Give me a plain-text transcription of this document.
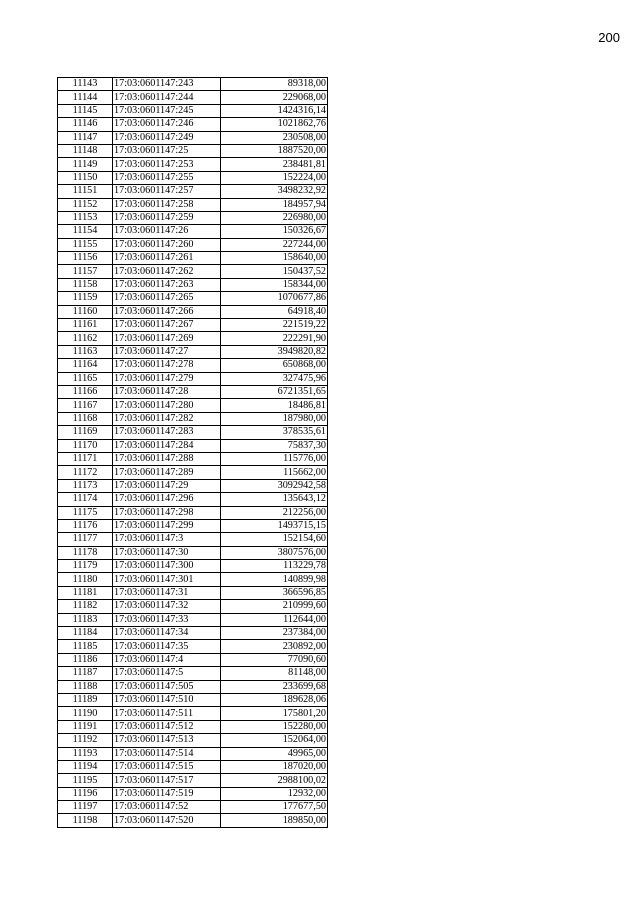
200
11143	17:03:0601147:243	89318,00
11144	17:03:0601147:244	229068,00
11145	17:03:0601147:245	1424316,14
11146	17:03:0601147:246	1021862,76
11147	17:03:0601147:249	230508,00
11148	17:03:0601147:25	1887520,00
11149	17:03:0601147:253	238481,81
11150	17:03:0601147:255	152224,00
11151	17:03:0601147:257	3498232,92
11152	17:03:0601147:258	184957,94
11153	17:03:0601147:259	226980,00
11154	17:03:0601147:26	150326,67
11155	17:03:0601147:260	227244,00
11156	17:03:0601147:261	158640,00
11157	17:03:0601147:262	150437,52
11158	17:03:0601147:263	158344,00
11159	17:03:0601147:265	1070677,86
11160	17:03:0601147:266	64918,40
11161	17:03:0601147:267	221519,22
11162	17:03:0601147:269	222291,90
11163	17:03:0601147:27	3949820,82
11164	17:03:0601147:278	650868,00
11165	17:03:0601147:279	327475,96
11166	17:03:0601147:28	6721351,65
11167	17:03:0601147:280	18486,81
11168	17:03:0601147:282	187980,00
11169	17:03:0601147:283	378535,61
11170	17:03:0601147:284	75837,30
11171	17:03:0601147:288	115776,00
11172	17:03:0601147:289	115662,00
11173	17:03:0601147:29	3092942,58
11174	17:03:0601147:296	135643,12
11175	17:03:0601147:298	212256,00
11176	17:03:0601147:299	1493715,15
11177	17:03:0601147:3	152154,60
11178	17:03:0601147:30	3807576,00
11179	17:03:0601147:300	113229,78
11180	17:03:0601147:301	140899,98
11181	17:03:0601147:31	366596,85
11182	17:03:0601147:32	210999,60
11183	17:03:0601147:33	112644,00
11184	17:03:0601147:34	237384,00
11185	17:03:0601147:35	230892,00
11186	17:03:0601147:4	77090,60
11187	17:03:0601147:5	81148,00
11188	17:03:0601147:505	233699,68
11189	17:03:0601147:510	189628,06
11190	17:03:0601147:511	175801,20
11191	17:03:0601147:512	152280,00
11192	17:03:0601147:513	152064,00
11193	17:03:0601147:514	49965,00
11194	17:03:0601147:515	187020,00
11195	17:03:0601147:517	2988100,02
11196	17:03:0601147:519	12932,00
11197	17:03:0601147:52	177677,50
11198	17:03:0601147:520	189850,00
